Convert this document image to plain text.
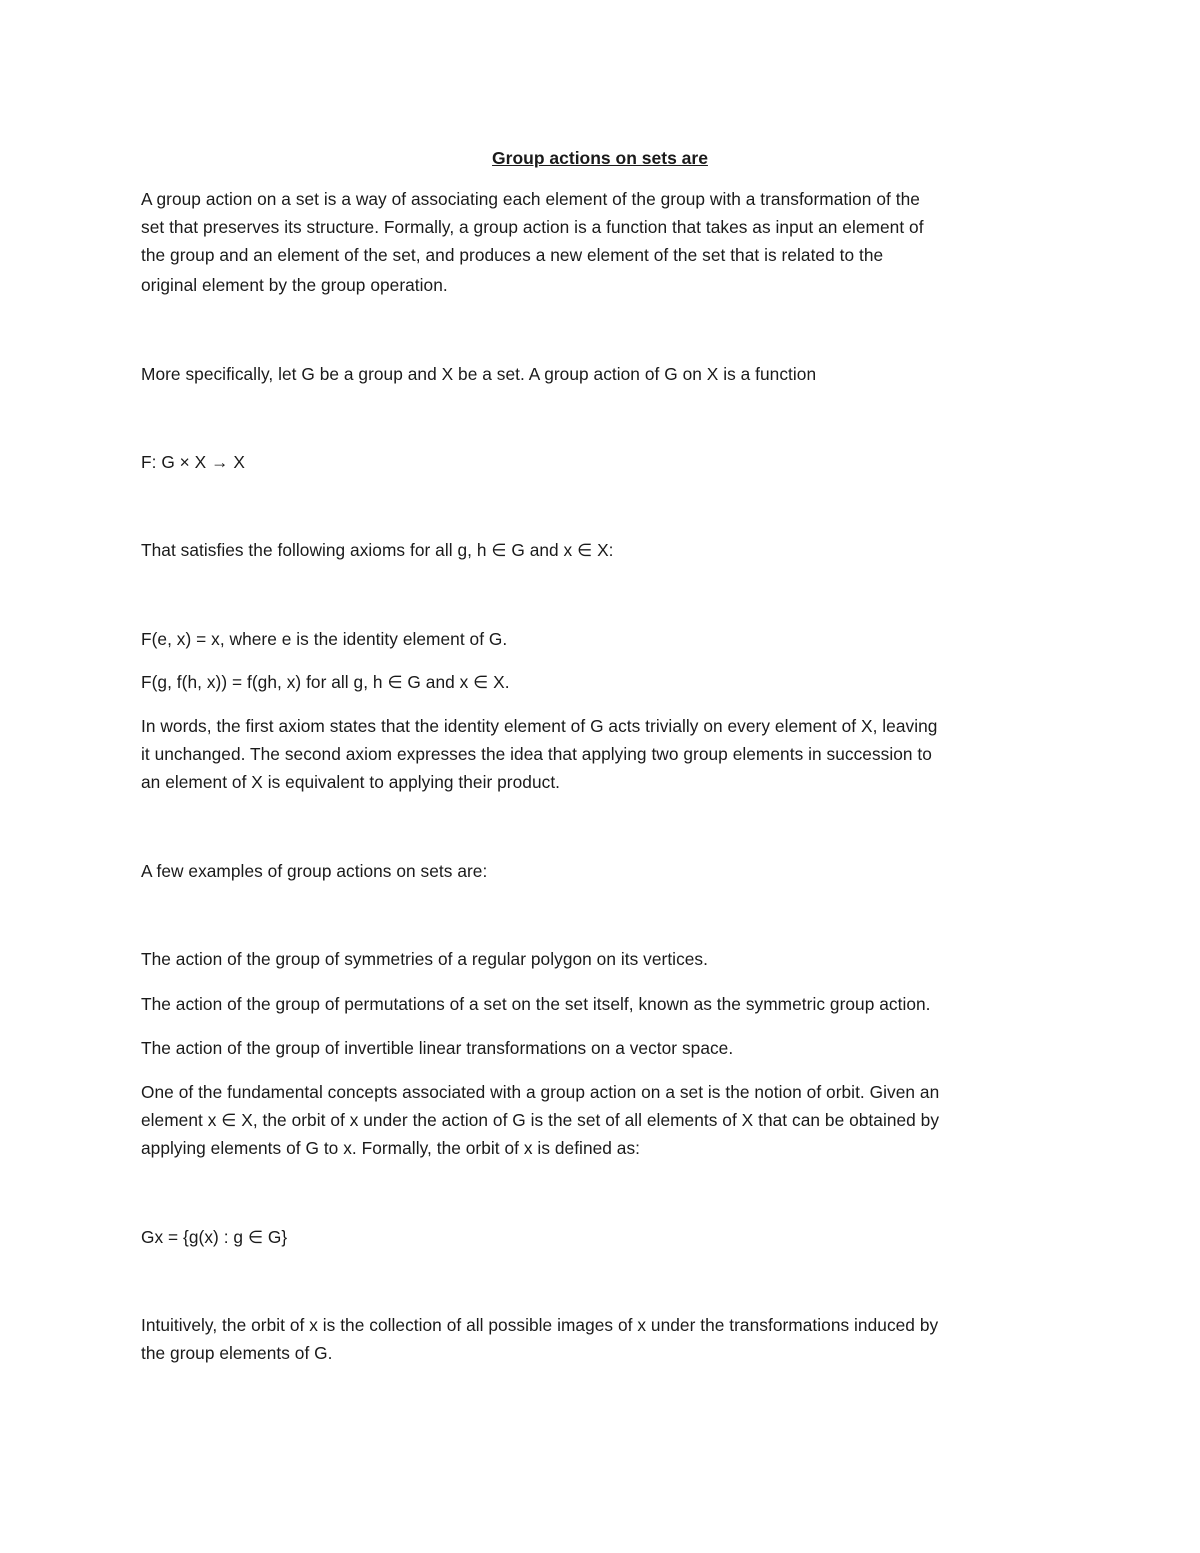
Group actions on sets are
A group action on a set is a way of associating each element of the group with a transformation of the
set that preserves its structure. Formally, a group action is a function that takes as input an element of
the group and an element of the set, and produces a new element of the set that is related to the
original element by the group operation.
More specifically, let G be a group and X be a set. A group action of G on X is a function
F: G × X → X
That satisfies the following axioms for all g, h ∈ G and x ∈ X:
F(e, x) = x, where e is the identity element of G.
F(g, f(h, x)) = f(gh, x) for all g, h ∈ G and x ∈ X.
In words, the first axiom states that the identity element of G acts trivially on every element of X, leaving
it unchanged. The second axiom expresses the idea that applying two group elements in succession to
an element of X is equivalent to applying their product.
A few examples of group actions on sets are:
The action of the group of symmetries of a regular polygon on its vertices.
The action of the group of permutations of a set on the set itself, known as the symmetric group action.
The action of the group of invertible linear transformations on a vector space.
One of the fundamental concepts associated with a group action on a set is the notion of orbit. Given an
element x ∈ X, the orbit of x under the action of G is the set of all elements of X that can be obtained by
applying elements of G to x. Formally, the orbit of x is defined as:
Gx = {g(x) : g ∈ G}
Intuitively, the orbit of x is the collection of all possible images of x under the transformations induced by
the group elements of G.
